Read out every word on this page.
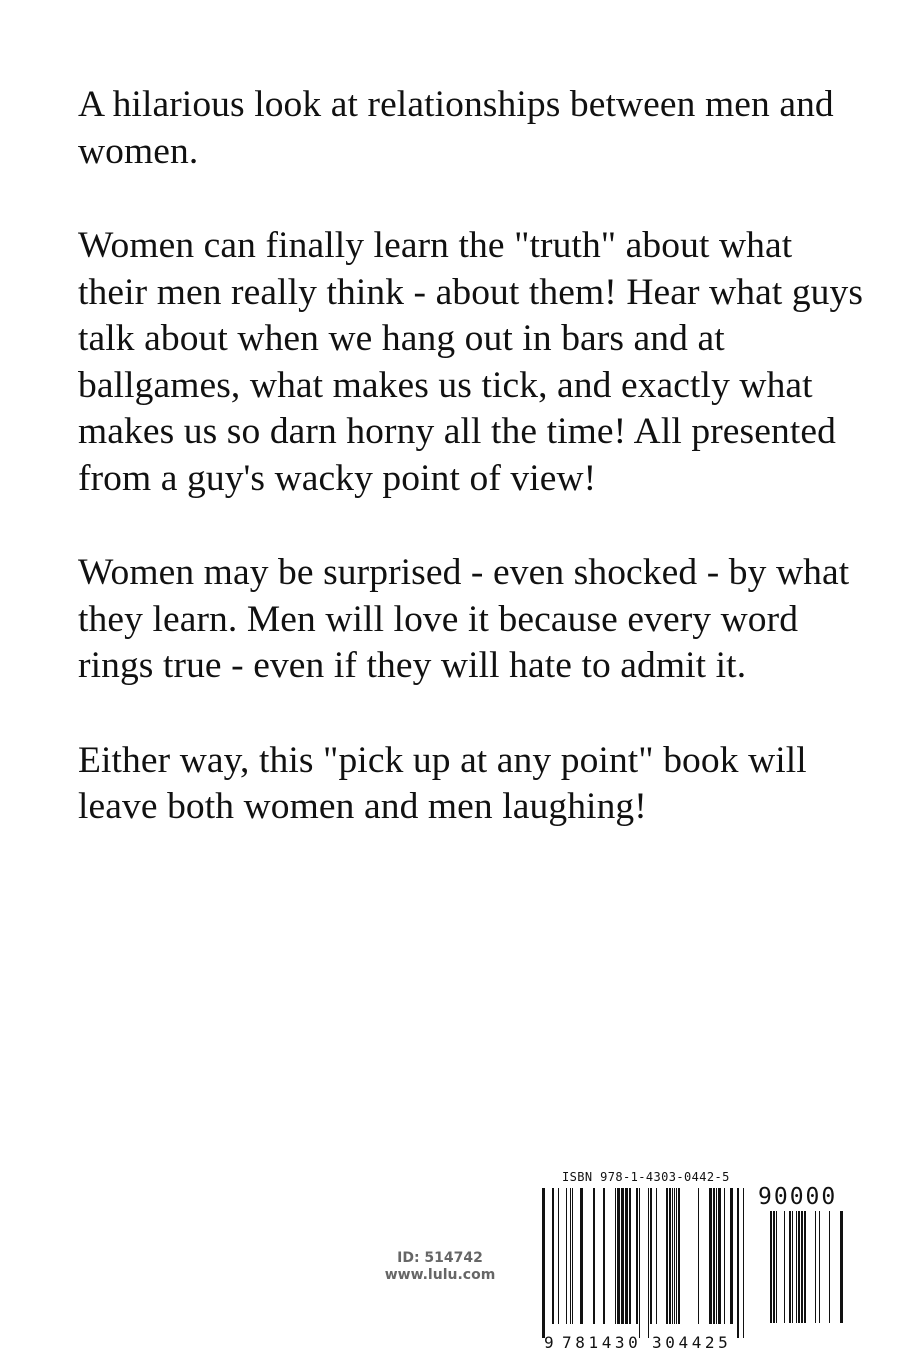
A hilarious look at relationships between men and women.

Women can finally learn the "truth" about what their men really think - about them! Hear what guys talk about when we hang out in bars and at ballgames, what makes us tick, and exactly what makes us so darn horny all the time! All presented from a guy's wacky point of view!

Women may be surprised - even shocked - by what they learn. Men will love it because every word rings true - even if they will hate to admit it.

Either way, this "pick up at any point" book will leave both women and men laughing!

ID: 514742
www.lulu.com
ISBN 978-1-4303-0442-5
90000
9 781430 304425
